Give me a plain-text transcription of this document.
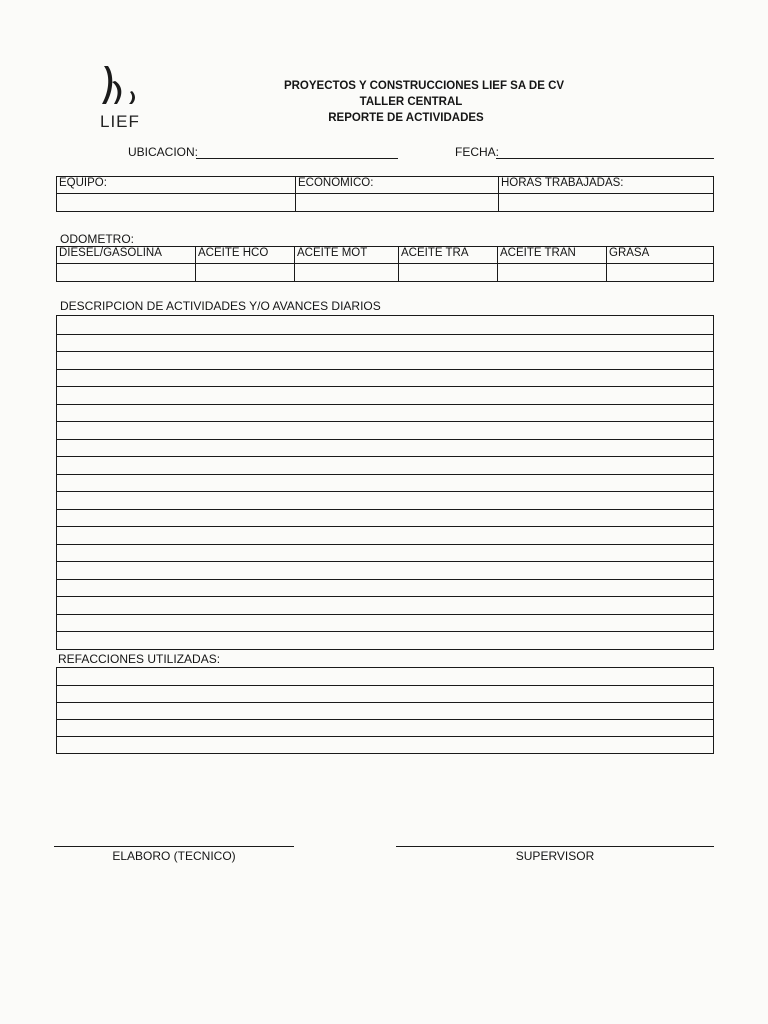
LIEF
PROYECTOS Y CONSTRUCCIONES LIEF SA DE CV
TALLER CENTRAL
REPORTE DE ACTIVIDADES
UBICACION:	FECHA:
EQUIPO:	ECONOMICO:	HORAS TRABAJADAS:

ODOMETRO:
DIESEL/GASOLINA	ACEITE HCO	ACEITE MOT	ACEITE TRA	ACEITE TRAN	GRASA

DESCRIPCION DE ACTIVIDADES Y/O AVANCES DIARIOS
REFACCIONES UTILIZADAS:
ELABORO (TECNICO)	SUPERVISOR
